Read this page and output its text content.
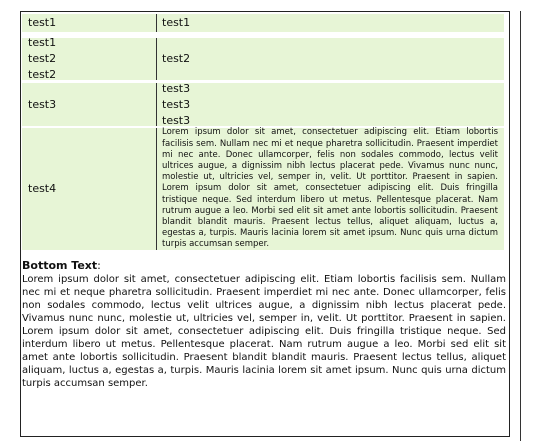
test1	test1
test1
test2
test2
test2
test3
test3
test3
test3
test4
Lorem ipsum dolor sit amet, consectetuer adipiscing elit. Etiam lobortis facilisis sem. Nullam nec mi et neque pharetra sollicitudin. Praesent imperdiet mi nec ante. Donec ullamcorper, felis non sodales commodo, lectus velit ultrices augue, a dignissim nibh lectus placerat pede. Vivamus nunc nunc, molestie ut, ultricies vel, semper in, velit. Ut porttitor. Praesent in sapien. Lorem ipsum dolor sit amet, consectetuer adipiscing elit. Duis fringilla tristique neque. Sed interdum libero ut metus. Pellentesque placerat. Nam rutrum augue a leo. Morbi sed elit sit amet ante lobortis sollicitudin. Praesent blandit blandit mauris. Praesent lectus tellus, aliquet aliquam, luctus a, egestas a, turpis. Mauris lacinia lorem sit amet ipsum. Nunc quis urna dictum turpis accumsan semper.
Bottom Text:
Lorem ipsum dolor sit amet, consectetuer adipiscing elit. Etiam lobortis facilisis sem. Nullam nec mi et neque pharetra sollicitudin. Praesent imperdiet mi nec ante. Donec ullamcorper, felis non sodales commodo, lectus velit ultrices augue, a dignissim nibh lectus placerat pede. Vivamus nunc nunc, molestie ut, ultricies vel, semper in, velit. Ut porttitor. Praesent in sapien. Lorem ipsum dolor sit amet, consectetuer adipiscing elit. Duis fringilla tristique neque. Sed interdum libero ut metus. Pellentesque placerat. Nam rutrum augue a leo. Morbi sed elit sit amet ante lobortis sollicitudin. Praesent blandit blandit mauris. Praesent lectus tellus, aliquet aliquam, luctus a, egestas a, turpis. Mauris lacinia lorem sit amet ipsum. Nunc quis urna dictum turpis accumsan semper.
